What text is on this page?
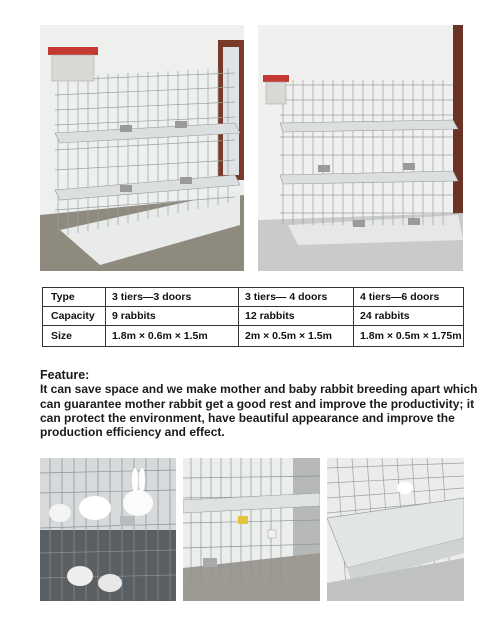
Type	3 tiers—3 doors	3 tiers— 4 doors	4 tiers—6 doors
Capacity	9 rabbits	12 rabbits	24 rabbits
Size	1.8m × 0.6m × 1.5m	2m × 0.5m × 1.5m	1.8m × 0.5m × 1.75m
Feature:
It can save space and we make mother and baby rabbit breeding apart which can guarantee mother rabbit get a good rest and improve the productivity; it can protect the environment, have beautiful appearance and improve the production efficiency and effect.
